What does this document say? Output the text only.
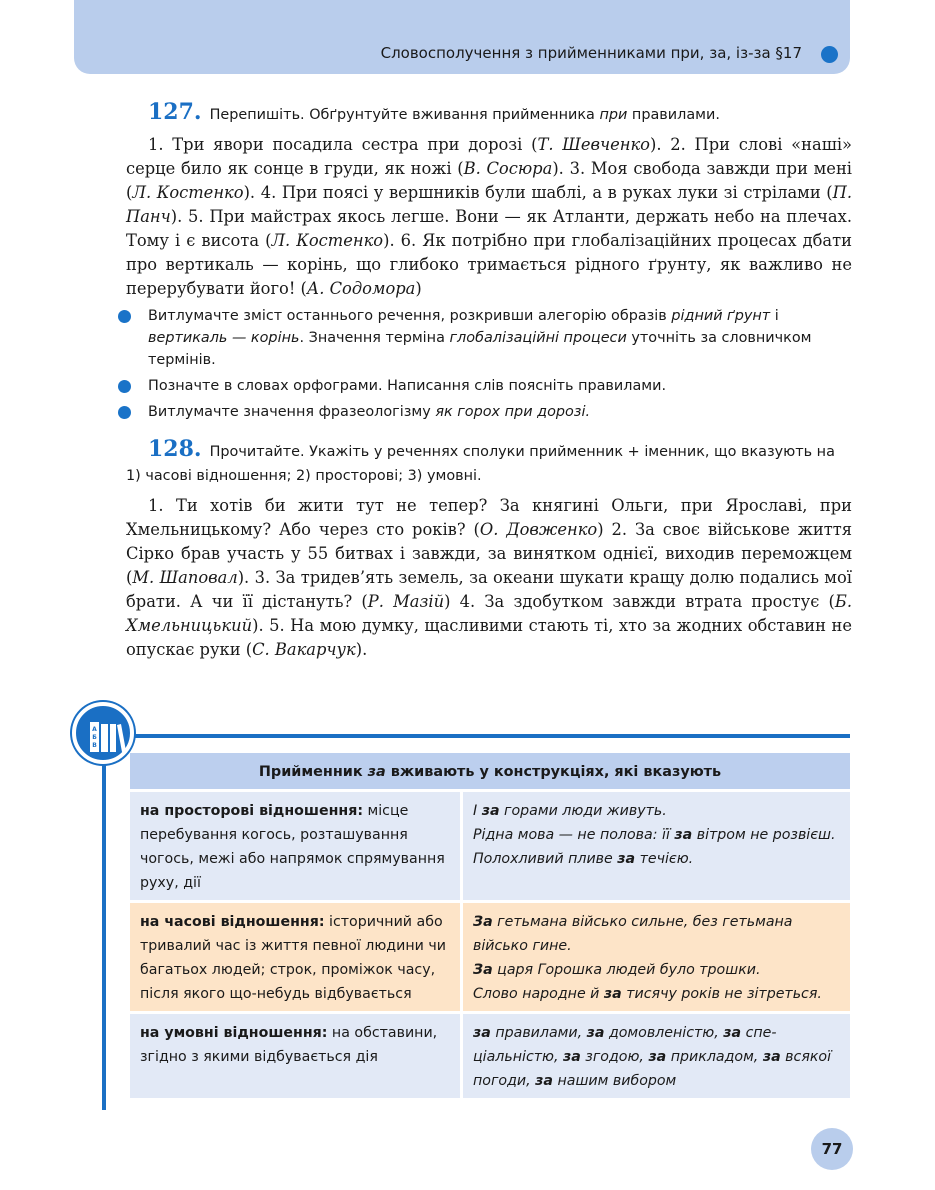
Словосполучення з прийменниками при, за, із-за §17
127. Перепишіть. Обґрунтуйте вживання прийменника при правилами.
1. Три явори посадила сестра при дорозі (Т. Шевченко). 2. При слові «наші» серце било як сонце в груди, як ножі (В. Сосюра). 3. Моя свобода завжди при мені (Л. Костенко). 4. При поясі у вершників були шаблі, а в руках луки зі стрілами (П. Панч). 5. При майстрах якось легше. Вони — як Атланти, держать небо на плечах. Тому і є висота (Л. Костенко). 6. Як потрібно при глобалізаційних процесах дбати про вертикаль — корінь, що глибоко тримається рідного ґрунту, як важливо не перерубувати його! (А. Содомора)
Витлумачте зміст останнього речення, розкривши алегорію образів рідний ґрунт і вертикаль — корінь. Значення терміна глобалізаційні процеси уточніть за словничком термінів.
Позначте в словах орфограми. Написання слів поясніть правилами.
Витлумачте значення фразеологізму як горох при дорозі.
128. Прочитайте. Укажіть у реченнях сполуки прийменник + іменник, що вказують на 1) часові відношення; 2) просторові; 3) умовні.
1. Ти хотів би жити тут не тепер? За княгині Ольги, при Ярославі, при Хмельницькому? Або через сто років? (О. Довженко) 2. За своє військове життя Сірко брав участь у 55 битвах і завжди, за винятком однієї, виходив переможцем (М. Шаповал). 3. За тридев’ять земель, за океани шукати кращу долю подались мої брати. А чи її дістануть? (Р. Мазій) 4. За здобутком завжди втрата простує (Б. Хмельницький). 5. На мою думку, щасливими стають ті, хто за жодних обставин не опускає руки (С. Вакарчук).
А
Б
В
Прийменник за вживають у конструкціях, які вказують	
на просторові відношення: місце перебування когось, розташування чогось, межі або напрямок спрямування руху, дії	І за горами люди живуть.
Рідна мова — не полова: її за вітром не розвієш.
Полохливий пливе за течією.

на часові відношення: історичний або тривалий час із життя певної людини чи багатьох людей; строк, проміжок часу, після якого що-небудь відбувається	За гетьмана військо сильне, без гетьмана військо гине.
За царя Горошка людей було трошки.
Слово народне й за тисячу років не зітреться.

на умовні відношення: на обставини, згідно з якими відбувається дія	за правилами, за домовленістю, за спеціальністю, за згодою, за прикладом, за всякої погоди, за нашим вибором
77
